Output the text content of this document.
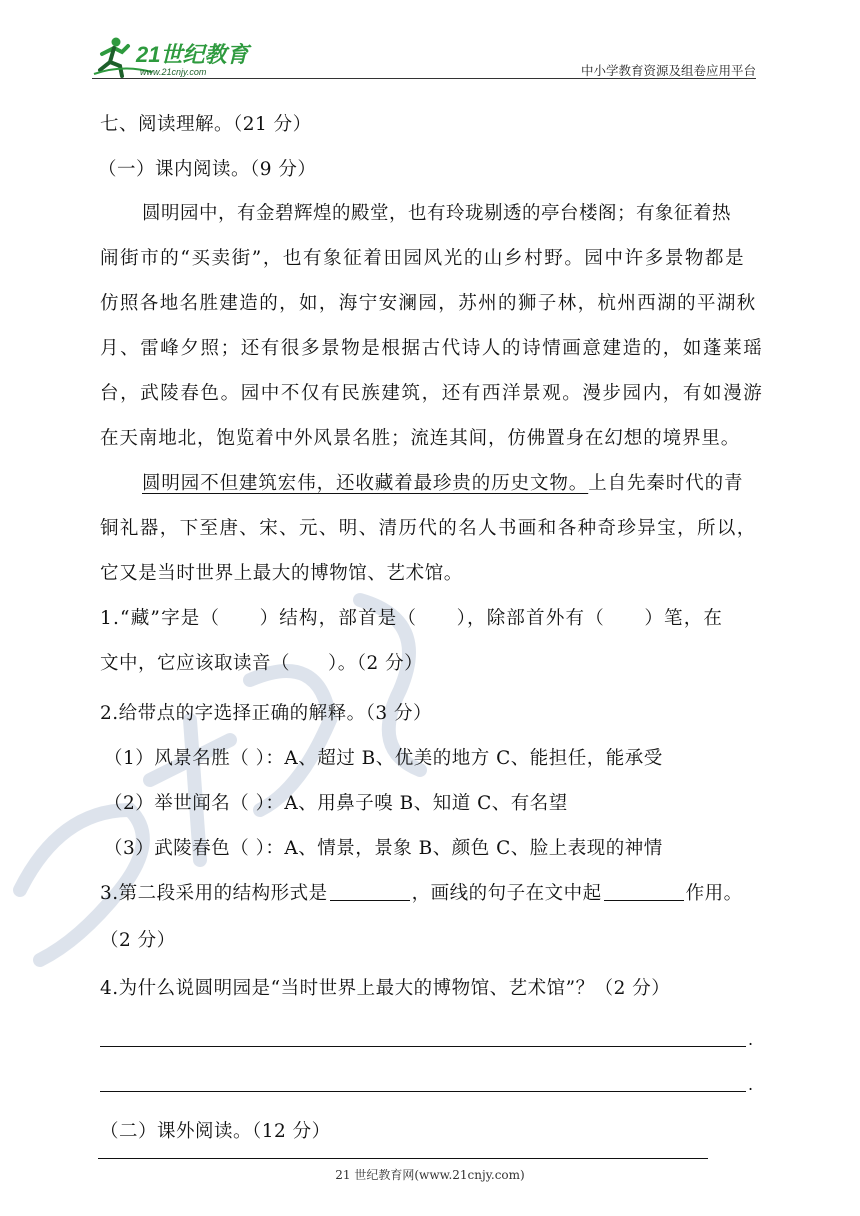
21世纪教育
www.21cnjy.com	中小学教育资源及组卷应用平台
七、阅读理解。（21 分）
（一）课内阅读。（9 分）
圆明园中，有金碧辉煌的殿堂，也有玲珑剔透的亭台楼阁；有象征着热
闹街市的“买卖街”，也有象征着田园风光的山乡村野。园中许多景物都是
仿照各地名胜建造的，如，海宁安澜园，苏州的狮子林，杭州西湖的平湖秋
月、雷峰夕照；还有很多景物是根据古代诗人的诗情画意建造的，如蓬莱瑶
台，武陵春色。园中不仅有民族建筑，还有西洋景观。漫步园内，有如漫游
在天南地北，饱览着中外风景名胜；流连其间，仿佛置身在幻想的境界里。
圆明园不但建筑宏伟，还收藏着最珍贵的历史文物。上自先秦时代的青
铜礼器，下至唐、宋、元、明、清历代的名人书画和各种奇珍异宝，所以，
它又是当时世界上最大的博物馆、艺术馆。
1.“藏”字是（　　）结构，部首是（　　），除部首外有（　　）笔，在
文中，它应该取读音（　　）。（2 分）
2.给带点的字选择正确的解释。（3 分）
（1）风景名胜（ ）：A、超过 B、优美的地方 C、能担任，能承受
（2）举世闻名（ ）：A、用鼻子嗅 B、知道 C、有名望
（3）武陵春色（ ）：A、情景，景象 B、颜色 C、脸上表现的神情
3.第二段采用的结构形式是	，画线的句子在文中起	作用。
（2 分）
4.为什么说圆明园是“当时世界上最大的博物馆、艺术馆”？（2 分）
.
.
（二）课外阅读。（12 分）
21 世纪教育网(www.21cnjy.com)
